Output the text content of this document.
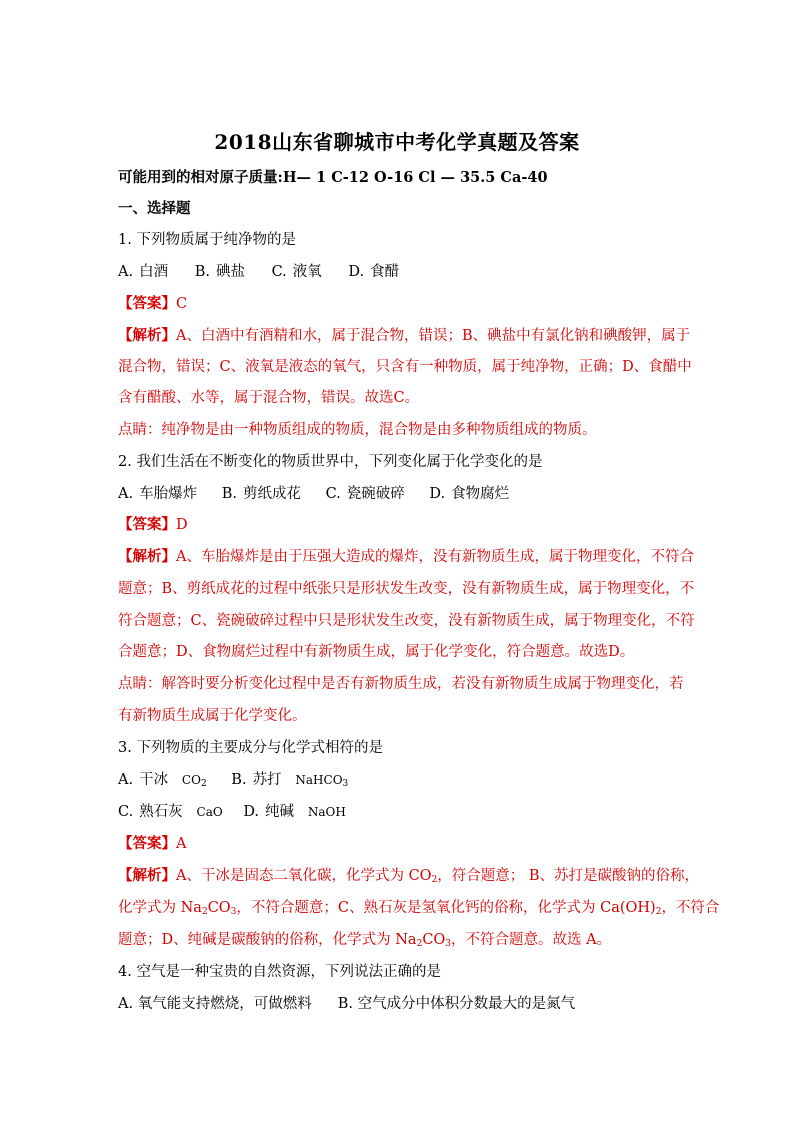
2018山东省聊城市中考化学真题及答案
可能用到的相对原子质量:H— 1 C-12 O-16 Cl — 35.5 Ca-40
一、选择题
1. 下列物质属于纯净物的是
A. 白酒 B. 碘盐 C. 液氧 D. 食醋
【答案】C
【解析】A、白酒中有酒精和水，属于混合物，错误；B、碘盐中有氯化钠和碘酸钾，属于
混合物，错误；C、液氧是液态的氧气，只含有一种物质，属于纯净物，正确；D、食醋中
含有醋酸、水等，属于混合物，错误。故选C。
点睛：纯净物是由一种物质组成的物质，混合物是由多种物质组成的物质。
2. 我们生活在不断变化的物质世界中，下列变化属于化学变化的是
A. 车胎爆炸 B. 剪纸成花 C. 瓷碗破碎 D. 食物腐烂
【答案】D
【解析】A、车胎爆炸是由于压强大造成的爆炸，没有新物质生成，属于物理变化，不符合
题意；B、剪纸成花的过程中纸张只是形状发生改变，没有新物质生成，属于物理变化，不
符合题意；C、瓷碗破碎过程中只是形状发生改变，没有新物质生成，属于物理变化，不符
合题意；D、食物腐烂过程中有新物质生成，属于化学变化，符合题意。故选D。
点睛：解答时要分析变化过程中是否有新物质生成，若没有新物质生成属于物理变化，若
有新物质生成属于化学变化。
3. 下列物质的主要成分与化学式相符的是
A. 干冰 $CO_2$ B. 苏打 NaHCO$_3$
C. 熟石灰 CaO D. 纯碱 NaOH
【答案】A
【解析】A、干冰是固态二氧化碳，化学式为 $CO_2$，符合题意； B、苏打是碳酸钠的俗称，
化学式为 $Na_2CO_3$，不符合题意；C、熟石灰是氢氧化钙的俗称，化学式为 $Ca(OH)_2$，不符合
题意；D、纯碱是碳酸钠的俗称，化学式为 $Na_2CO_3$，不符合题意。故选 A。
4. 空气是一种宝贵的自然资源，下列说法正确的是
A. 氧气能支持燃烧，可做燃料 B. 空气成分中体积分数最大的是氮气
